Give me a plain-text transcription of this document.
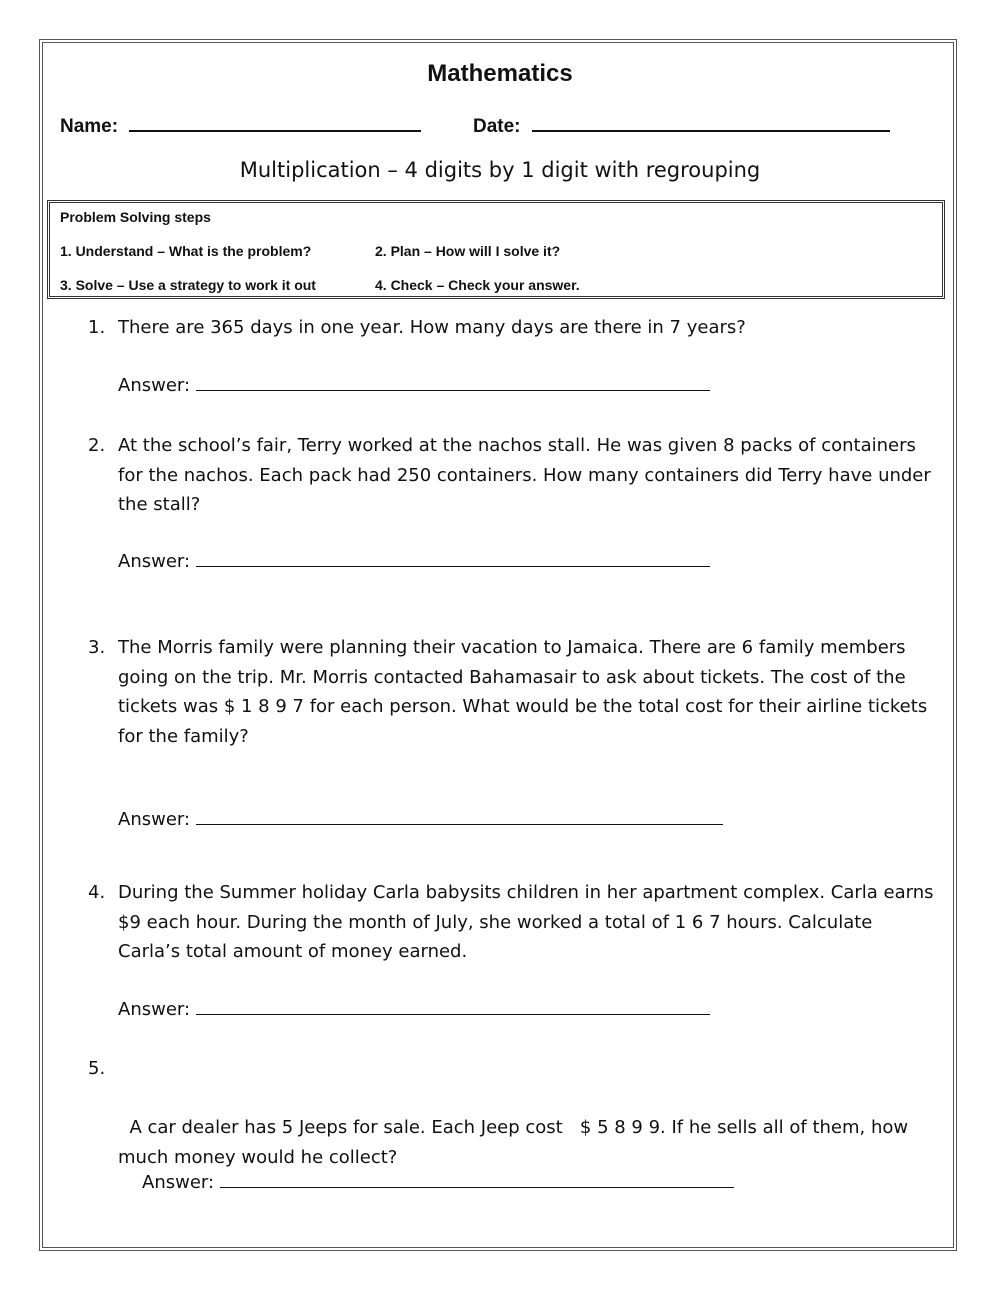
Mathematics
Name:	Date:
Multiplication – 4 digits by 1 digit with regrouping
Problem Solving steps
1. Understand – What is the problem?	2. Plan – How will I solve it?
3. Solve – Use a strategy to work it out	4. Check – Check your answer.
1. There are 365 days in one year. How many days are there in 7 years?
Answer:
2. At the school’s fair, Terry worked at the nachos stall. He was given 8 packs of containers for the nachos. Each pack had 250 containers. How many containers did Terry have under the stall?
Answer:
3. The Morris family were planning their vacation to Jamaica. There are 6 family members going on the trip. Mr. Morris contacted Bahamasair to ask about tickets. The cost of the tickets was $ 1 8 9 7 for each person. What would be the total cost for their airline tickets for the family?
Answer:
4. During the Summer holiday Carla babysits children in her apartment complex. Carla earns $9 each hour. During the month of July, she worked a total of 1 6 7 hours. Calculate Carla’s total amount of money earned.
Answer:

5.

A car dealer has 5 Jeeps for sale. Each Jeep cost   $ 5 8 9 9. If he sells all of them, how much money would he collect?

Answer:
